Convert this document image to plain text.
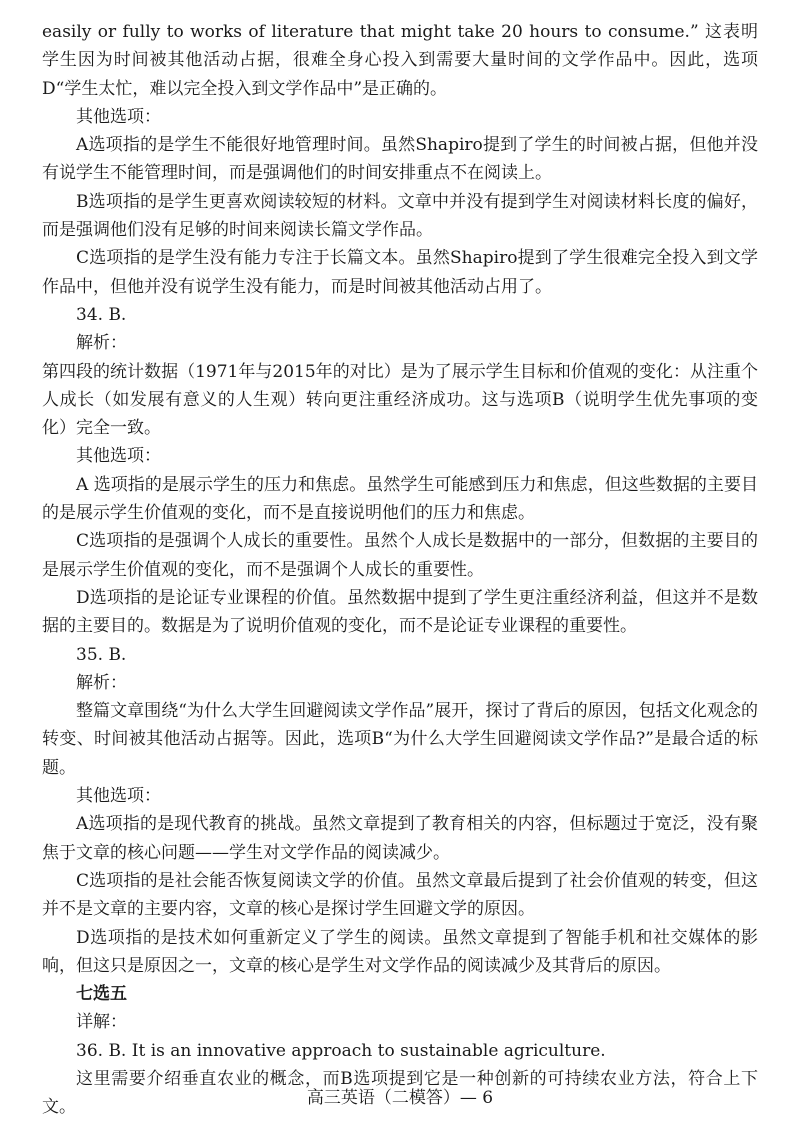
easily or fully to works of literature that might take 20 hours to consume.” 这表明学生因为时间被其他活动占据，很难全身心投入到需要大量时间的文学作品中。因此，选项D“学生太忙，难以完全投入到文学作品中”是正确的。

其他选项：

A选项指的是学生不能很好地管理时间。虽然Shapiro提到了学生的时间被占据，但他并没有说学生不能管理时间，而是强调他们的时间安排重点不在阅读上。

B选项指的是学生更喜欢阅读较短的材料。文章中并没有提到学生对阅读材料长度的偏好，而是强调他们没有足够的时间来阅读长篇文学作品。

C选项指的是学生没有能力专注于长篇文本。虽然Shapiro提到了学生很难完全投入到文学作品中，但他并没有说学生没有能力，而是时间被其他活动占用了。

34. B.

解析：

第四段的统计数据（1971年与2015年的对比）是为了展示学生目标和价值观的变化：从注重个人成长（如发展有意义的人生观）转向更注重经济成功。这与选项B（说明学生优先事项的变化）完全一致。

其他选项：

A 选项指的是展示学生的压力和焦虑。虽然学生可能感到压力和焦虑，但这些数据的主要目的是展示学生价值观的变化，而不是直接说明他们的压力和焦虑。

C选项指的是强调个人成长的重要性。虽然个人成长是数据中的一部分，但数据的主要目的是展示学生价值观的变化，而不是强调个人成长的重要性。

D选项指的是论证专业课程的价值。虽然数据中提到了学生更注重经济利益，但这并不是数据的主要目的。数据是为了说明价值观的变化，而不是论证专业课程的重要性。

35. B.

解析：

整篇文章围绕“为什么大学生回避阅读文学作品”展开，探讨了背后的原因，包括文化观念的转变、时间被其他活动占据等。因此，选项B“为什么大学生回避阅读文学作品?”是最合适的标题。

其他选项：

A选项指的是现代教育的挑战。虽然文章提到了教育相关的内容，但标题过于宽泛，没有聚焦于文章的核心问题——学生对文学作品的阅读减少。

C选项指的是社会能否恢复阅读文学的价值。虽然文章最后提到了社会价值观的转变，但这并不是文章的主要内容，文章的核心是探讨学生回避文学的原因。

D选项指的是技术如何重新定义了学生的阅读。虽然文章提到了智能手机和社交媒体的影响，但这只是原因之一，文章的核心是学生对文学作品的阅读减少及其背后的原因。

七选五

详解：

36. B. It is an innovative approach to sustainable agriculture.

这里需要介绍垂直农业的概念，而B选项提到它是一种创新的可持续农业方法，符合上下文。	高三英语（二模答）— 6
